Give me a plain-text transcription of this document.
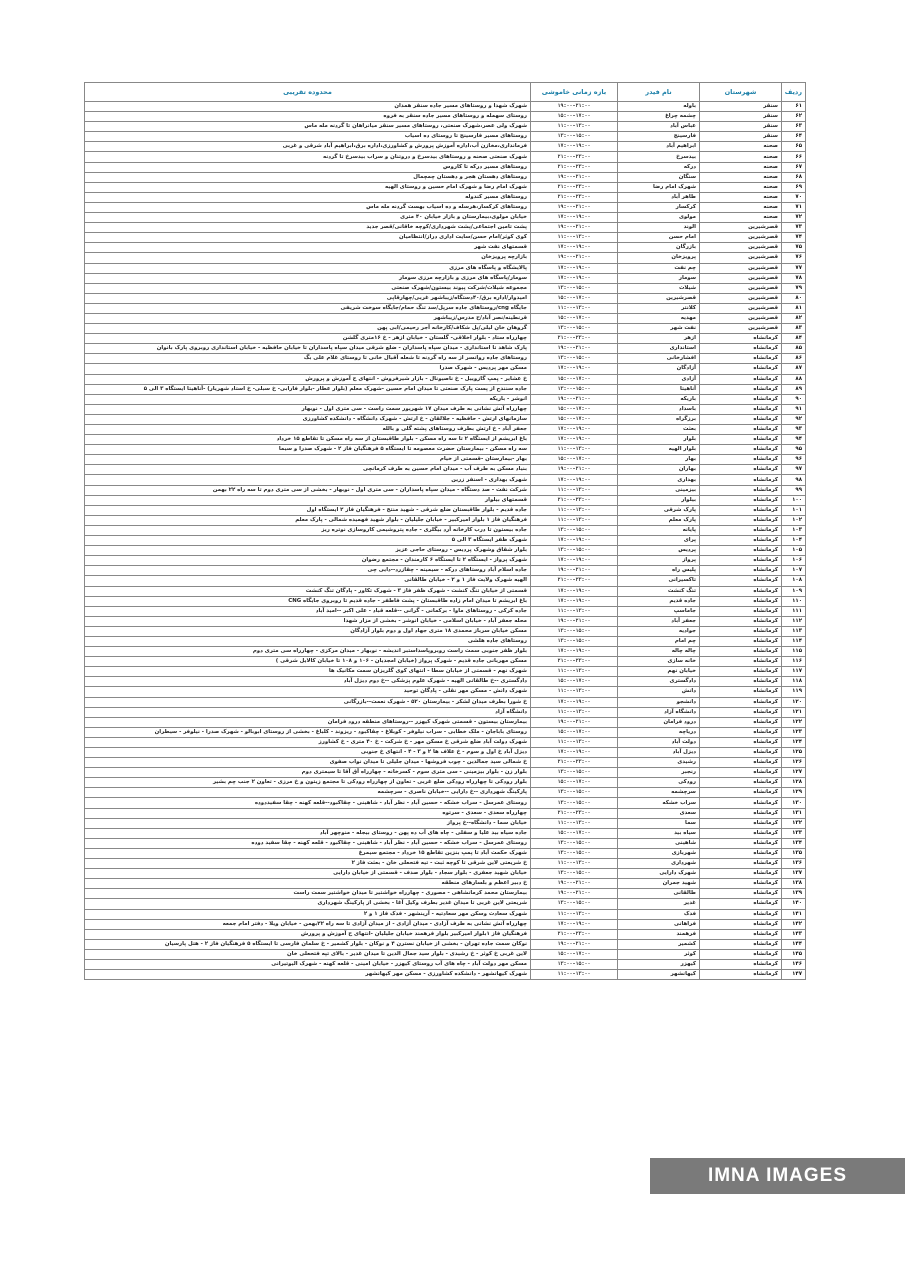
ردیف	شهرستان	نام فیدر	بازه زمانی خاموشی	محدوده تقریبی
۶۱	سنقر	باوله	۱۹:۰۰-۲۱:۰۰	شهرک شهدا و روستاهای مسیر جاده سنقر همدان
۶۲	سنقر	چشمه چراغ	۱۵:۰۰-۱۷:۰۰	روستای سهمله و روستاهای مسیر جاده سنقر به فروه
۶۳	سنقر	عباس آباد	۱۱:۰۰-۱۳:۰۰	شهرک ولی عصر،شهرک صنعتی، روستاهای مسیر سنقر میانراهان تا گردنه مله ماس
۶۴	سنقر	فارسینج	۱۳:۰۰-۱۵:۰۰	روستاهای مسیر فارسینج تا روستای ده اسیاب
۶۵	صحنه	ابراهیم آباد	۱۷:۰۰-۱۹:۰۰	فرمانداری،مخازن آب،اداره آموزش پرورش و کشاورزی،اداره برق،ابراهیم آباد شرقی و غربی
۶۶	صحنه	بیدسرخ	۲۱:۰۰-۲۳:۰۰	شهرک صنعتی صحنه و روستاهای بیدسرخ و دروتنان و سراب بیدسرخ تا گردنه
۶۷	صحنه	درکه	۲۱:۰۰-۲۳:۰۰	روستاهای مسیر درکه تا کاروس
۶۸	صحنه	سنگان	۱۹:۰۰-۲۱:۰۰	روستاهای دهستان هجر و دهستان چمچمال
۶۹	صحنه	شهرک امام رضا	۲۱:۰۰-۲۳:۰۰	شهرک امام رضا و شهرک امام حسین و روستای الهیه
۷۰	صحنه	طاهر آباد	۲۱:۰۰-۲۳:۰۰	روستاهای مسیر کندوله
۷۱	صحنه	کرکسار	۱۹:۰۰-۲۱:۰۰	روستاهای کرکسار،هرسله و ده اسیاب بهست گردنه مله ماس
۷۲	صحنه	مولوی	۱۷:۰۰-۱۹:۰۰	خیابان مولوی،بیمارستان و بازار خیابان ۴۰ متری
۷۳	قصرشیرین	الوند	۱۹:۰۰-۲۱:۰۰	پشت تامین اجتماعی/پشت شهرداری/کوچه خاقانی/قصر جدید
۷۴	قصرشیرین	امام حسن	۱۱:۰۰-۱۳:۰۰	کوی کوثر/امام حسن/سایت اداری دراز/انتظامیان
۷۵	قصرشیرین	بازرگان	۱۷:۰۰-۱۹:۰۰	قسمتهای نفت شهر
۷۶	قصرشیرین	پرویزخان	۱۹:۰۰-۲۱:۰۰	بازارچه پرویزخان
۷۷	قصرشیرین	چم نفت	۱۷:۰۰-۱۹:۰۰	پالایشگاه و پاسگاه های مرزی
۷۸	قصرشیرین	سومار	۱۷:۰۰-۱۹:۰۰	سومار/پاسگاه های مرزی و بازارچه مرزی سومار
۷۹	قصرشیرین	شیلات	۱۳:۰۰-۱۵:۰۰	مجموعه شیلات/شرکت پیوند بیستون/شهرک صنعتی
۸۰	قصرشیرین	قصرشیرین	۱۵:۰۰-۱۷:۰۰	امیدوار/اداره برق/۴۰دستگاه/زیباشهر غربی/چهارقاپی
۸۱	قصرشیرین	کلانتر	۱۱:۰۰-۱۳:۰۰	جایگاه cng/روستاهای جاده سرپل/سد تنگ حمام/جایگاه سوخت شریفی
۸۲	قصرشیرین	مهدیه	۱۵:۰۰-۱۷:۰۰	قرنطینه/نصر آباد/ح مدرس/زیباشهر
۸۳	قصرشیرین	نفت شهر	۱۳:۰۰-۱۵:۰۰	گروهان خان لیلی/پل شکاف/کارخانه آجر رحیمی/ابی پهن
۸۴	کرمانشاه	ازهر	۲۱:۰۰-۲۳:۰۰	چهارراه ستاد - بلوار اخلاقی- گلستان - خیابان ازهر - خ ۱۶متری گلشن
۸۵	کرمانشاه	استانداری	۱۹:۰۰-۲۱:۰۰	پارک شاهد تا استانداری - میدان سپاه پاسداران - ضلع شرقی میدان سپاه پاسداران تا خیابان حافظیه - خیابان استانداری روبروی پارک بانوان
۸۶	کرمانشاه	افشارخانی	۱۳:۰۰-۱۵:۰۰	روستاهای جاده روانسر از سه راه گردنه تا شعله آقبال خانی تا روستای غلام علی بگ
۸۷	کرمانشاه	آزادگان	۱۷:۰۰-۱۹:۰۰	مسکن مهر پردیس - شهرک صدرا
۸۸	کرمانشاه	آزادی	۱۵:۰۰-۱۷:۰۰	خ عشایر - پمپ گازوییل - خ ناصیونال - بازار شیرفروش - انتهای ح آموزش و پرورش
۸۹	کرمانشاه	آناهیتا	۱۳:۰۰-۱۵:۰۰	جاده سنندج از پست پارک صنعتی تا میدان امام حسین -شهرک معلم (بلوار عطار -بلوار فارابی- خ سبلی- خ استاد شهریار) -آناهیتا ایستگاه ۳ الی ۵
۹۰	کرمانشاه	باریکه	۱۹:۰۰-۲۱:۰۰	انوشر - باریکه
۹۱	کرمانشاه	باسداد	۱۵:۰۰-۱۷:۰۰	چهارراه آتش نشانی به طرف میدان ۱۷ شهریور سمت راست - سی متری اول - نوبهار
۹۲	کرمانشاه	برزگراه	۱۵:۰۰-۱۷:۰۰	سازمانهای ارتش - حافظیه - جلالقان - خ ارتش - شهرک دانشگاه - دانشکده کشاورزی
۹۳	کرمانشاه	بعثت	۱۷:۰۰-۱۹:۰۰	جعفر آباد - خ ارتش بطرف روستاهای پشته گلی و بالله
۹۴	کرمانشاه	بلوار	۱۷:۰۰-۱۹:۰۰	باغ ابریشم از ایستگاه ۲ تا سه راه مسکن - بلوار طاقبستان از سه راه مسکن تا تقاطع ۱۵ خرداد
۹۵	کرمانشاه	بلوار الهیه	۱۱:۰۰-۱۳:۰۰	سه راه مسکن - بیمارستان حضرت معصومه تا ایستگاه ۵ فرهنگیان فاز ۲ - شهرک صدرا و سیما
۹۶	کرمانشاه	بهار	۱۵:۰۰-۱۷:۰۰	بهار -بیمارستان -قسمتی از خیام
۹۷	کرمانشاه	بهاران	۱۹:۰۰-۲۱:۰۰	بنیاد مسکن به طرف آب - میدان امام حسین به طرف کرمانچی
۹۸	کرمانشاه	بهداری	۱۷:۰۰-۱۹:۰۰	شهرک بهداری - اسنفر زرین
۹۹	کرمانشاه	بیزمینی	۱۱:۰۰-۱۳:۰۰	شرکت نفت - صد دستگاه - میدان سپاه پاسداران - سی متری اول - نوبهار - بخشی از سی متری دوم تا سه راه ۲۲ بهمن
۱۰۰	کرمانشاه	بیلوار	۲۱:۰۰-۲۳:۰۰	قسمتهای بیلوار
۱۰۱	کرمانشاه	پارک شرقی	۱۱:۰۰-۱۳:۰۰	جاده قدیم - بلوار طاقبستان ضلع شرقی - شهید منتخ - فرهنگیان فاز ۲ ایستگاه اول
۱۰۲	کرمانشاه	پارک معلم	۱۱:۰۰-۱۳:۰۰	فرهنگیان فاز ۱ بلوار امیرکبیر - خیابان جلیلیان - بلوار شهید فهمیده شمالی - پارک معلم
۱۰۳	کرمانشاه	پایانه	۱۳:۰۰-۱۵:۰۰	جاده بیستون تا درب کارخانه آرد بیگلری - جاده پتروشیمی کاروسازی نوتره ریز
۱۰۴	کرمانشاه	پرای	۱۷:۰۰-۱۹:۰۰	شهرک ظفر ایستگاه ۳ الی ۵
۱۰۵	کرمانشاه	پردیس	۱۳:۰۰-۱۵:۰۰	بلوار شقاق وشهرک پردیس - روستای حاجی عزیز
۱۰۶	کرمانشاه	پرواز	۱۷:۰۰-۱۹:۰۰	شهرک پرواز - ایستگاه ۲ تا ایستگاه ۶ کارمندان - مجتمع رضوان
۱۰۷	کرمانشاه	پلیس راه	۱۹:۰۰-۲۱:۰۰	جاده اسلام آباد روستاهای درکه - سیمینه - چقازرد--دایی چی
۱۰۸	کرمانشاه	تاکسیرانی	۲۱:۰۰-۲۳:۰۰	الهیه شهرک ولایت فاز ۱ و ۲ - خیابان طالقانی
۱۰۹	کرمانشاه	تنگ کنشت	۱۷:۰۰-۱۹:۰۰	قسمتی از خیابان تنگ کنشت - شهرک ظفر فاز ۳ - شهرک تکاور - پادگان تنگ کنشت
۱۱۰	کرمانشاه	جاده قدیم	۱۷:۰۰-۱۹:۰۰	باغ ابریشم تا میدان امام زاده طاقبستان - پشت فاطفر - جاده قدیم تا روبروی جایگاه CNG
۱۱۱	کرمانشاه	جاماسپ	۱۱:۰۰-۱۳:۰۰	جاده کرکی - روستاهای ماوا - برکمانی - گرانی --قلعه قباد - علی اکبر --امید آباد
۱۱۲	کرمانشاه	جعفر آباد	۱۹:۰۰-۲۱:۰۰	محله جعفر آباد - خیابان اسلامی - خیابان انوشر - بخشی از مزار شهدا
۱۱۳	کرمانشاه	جوادیه	۱۳:۰۰-۱۵:۰۰	مسکن خیابان سرباز محمدی ۱۸ متری جهاد اول و دوم بلوار آزادگان
۱۱۴	کرمانشاه	چم امام	۱۳:۰۰-۱۵:۰۰	روستاهای جاده هلشی
۱۱۵	کرمانشاه	چاله چاله	۱۷:۰۰-۱۹:۰۰	بلوار ظفر جنوبی سمت راست روبروپاسداستبر اندیشه - نوبهار - میدان مرکزی - چهارراه سی متری دوم
۱۱۶	کرمانشاه	خانه سازی	۲۱:۰۰-۲۳:۰۰	مسکن مهربانی جاده قدیم - شهرک پرواز (خیابان امجدیان - ۱۰۶ و ۱۰۸ تا خیابان کالایل شرقی )
۱۱۷	کرمانشاه	خیابان نهم	۱۱:۰۰-۱۳:۰۰	شهرک نهم - قسمتی از خیابان سطا - انتهای کوی گلریزان سمت مکانیک ها
۱۱۸	کرمانشاه	دادگستری	۱۵:۰۰-۱۷:۰۰	دادگستری --خ طالقانی الهیه - شهرک علوم پزشکی --خ دوم دیزل آباد
۱۱۹	کرمانشاه	دانش	۱۱:۰۰-۱۳:۰۰	شهرک دانش - مسکن مهر نقلی - پادگان توحید
۱۲۰	کرمانشاه	دانشجو	۱۷:۰۰-۱۹:۰۰	خ شورا بطرف میدان لشکر - بیمارستان ۵۲۰ - شهرک نعمت--بازرگانی
۱۲۱	کرمانشاه	دانشگاه آزاد	۱۱:۰۰-۱۳:۰۰	دانشگاه آزاد
۱۲۲	کرمانشاه	درود فرامان	۱۹:۰۰-۲۱:۰۰	بیمارستان بیستون - قسمتی شهرک کیهزر --روستاهای منطقه درود فرامان
۱۲۳	کرمانشاه	دریاچه	۱۵:۰۰-۱۷:۰۰	روستای باباجان - ملک خطابی - سراب نیلوفر - کوبلاغ - چقاکبود - ریزوند - کلباغ - بخشی از روستای ابوبالو - شهرک صدرا - نیلوفر - سیطران
۱۲۴	کرمانشاه	دولت آباد	۱۱:۰۰-۱۳:۰۰	شهرک دولت آباد ضلع شرقی خ مسکن مهر - خ شرکت - خ ۴۰ متری - خ کشاورز
۱۲۵	کرمانشاه	دیزل آباد	۱۷:۰۰-۱۹:۰۰	دیزل آباد خ اول و سوم - خ علاف ها ۲ و ۳ - ۴ - انتهای خ جنوبی
۱۲۶	کرمانشاه	رشیدی	۲۱:۰۰-۲۳:۰۰	خ شمالی سید جمالدین - چوب فروشها - میدان جلیلی تا میدان نواب صفوی
۱۲۷	کرمانشاه	رنجبر	۱۳:۰۰-۱۵:۰۰	بلوار زن - بلوار بیزمینی - سی متری سوم - کسرخانه - چهارراه آق آقا تا سیمتری دوم
۱۲۸	کرمانشاه	رودکی	۱۵:۰۰-۱۷:۰۰	بلوار رودکی تا چهارراه رودکی ضلع غربی - تعاون از چهارراه رودکی تا مجتمع زیتون و خ مرزی - تعاون ۲ جنب چم بشیر
۱۲۹	کرمانشاه	سرچشمه	۱۳:۰۰-۱۵:۰۰	پارکینگ شهرداری --خ دارایی --خیابان ناصری - سرچشمه
۱۳۰	کرمانشاه	سراب خشکه	۱۳:۰۰-۱۵:۰۰	روستای عمرسل - سراب خشکه - حسین آباد - نظر آباد - شاهینی - چقاکبود--قلعه کهنه - چقا سفیددوده
۱۳۱	کرمانشاه	سعدی	۲۱:۰۰-۲۳:۰۰	چهارراه سعدی - سعدی - سرتوه
۱۳۲	کرمانشاه	سما	۱۱:۰۰-۱۳:۰۰	خیابان سما - دانشگاه--خ پرواز
۱۳۳	کرمانشاه	سیاه بید	۱۵:۰۰-۱۷:۰۰	جاده سیاه بید علیا و سفلی - چاه های آب ده پهن - روستای بیجله - منوچهر آباد
۱۳۴	کرمانشاه	شاهینی	۱۳:۰۰-۱۵:۰۰	روستای عمرسل - سراب خشکه - حسین آباد - نظر آباد - شاهینی - چقاکبود - قلعه کهنه - چقا سفید دوده
۱۳۵	کرمانشاه	شهربازی	۱۳:۰۰-۱۵:۰۰	شهرک حکمت آباد تا پمپ بنزین تقاطع ۱۵ خرداد - مجتمع سیمرغ
۱۳۶	کرمانشاه	شهرداری	۱۱:۰۰-۱۳:۰۰	خ شریعتی لاین شرقی تا کوچه ثبت - تیه فتحعلی خان - بعثت فاز ۲
۱۳۷	کرمانشاه	شهرک دارایی	۱۳:۰۰-۱۵:۰۰	خیابان شهید جعفری - بلوار سجاد - بلوار صدف - قسمتی از خیابان دارایی
۱۳۸	کرمانشاه	شهید جمران	۱۹:۰۰-۲۱:۰۰	خ دبیر اعظم و بلسارهای منطقه
۱۳۹	کرمانشاه	طالقانی	۱۹:۰۰-۲۱:۰۰	بیمارستان محمد کرمانشاهی - مصوری - چهارراه خواشتیر تا میدان خواشتیر سمت راست
۱۴۰	کرمانشاه	غدیر	۱۳:۰۰-۱۵:۰۰	شریعتی لاین غربی تا میدان غدیر بطرف وکیل آغا - بخشی از پارکینگ شهرداری
۱۴۱	کرمانشاه	فدک	۱۱:۰۰-۱۳:۰۰	شهرک سعادت وسکن مهر سعادتیه - آرینشهر - فدک فاز ۱ و ۲
۱۴۲	کرمانشاه	فراهانی	۱۷:۰۰-۱۹:۰۰	چهارراه آتش نشانی به طرف آزادی - میدان آزادی - از میدان آزادی تا سه راه ۲۲بهمن - خیابان ویلا - دفتر امام جمعه
۱۴۳	کرمانشاه	فرهمند	۲۱:۰۰-۲۳:۰۰	فرهنگیان فاز ۱بلوار امیرکبیر بلوار فرهمند خیابان جلیلیان -انتهای ح آموزش و پرورش
۱۴۴	کرمانشاه	کشمیر	۱۹:۰۰-۲۱:۰۰	نوکان سمت جاده تهران - بخشی از خیابان نسترن ۴ و نوکان - بلوار کشمیر - خ سلمان فارسی تا ایستگاه ۵ فرهنگیان فاز ۲ - هتل پارسیان
۱۴۵	کرمانشاه	کوثر	۱۵:۰۰-۱۷:۰۰	لاین غربی خ کوثر - خ رشیدی - بلوار سید جمال الدین تا میدان غدیر - بالای تپه فتحعلی خان
۱۴۶	کرمانشاه	کیهزر	۱۳:۰۰-۱۵:۰۰	مسکن مهر دولت آباد - چاه های آب روستای کیهزر - خیابان امینی - قلعه کهنه - شهرک الیوتیرانی
۱۴۷	کرمانشاه	کیهانشهر	۱۱:۰۰-۱۳:۰۰	شهرک کیهانشهر - دانشکده کشاورزی - مسکن مهر کیهانشهر
IMNA IMAGES
